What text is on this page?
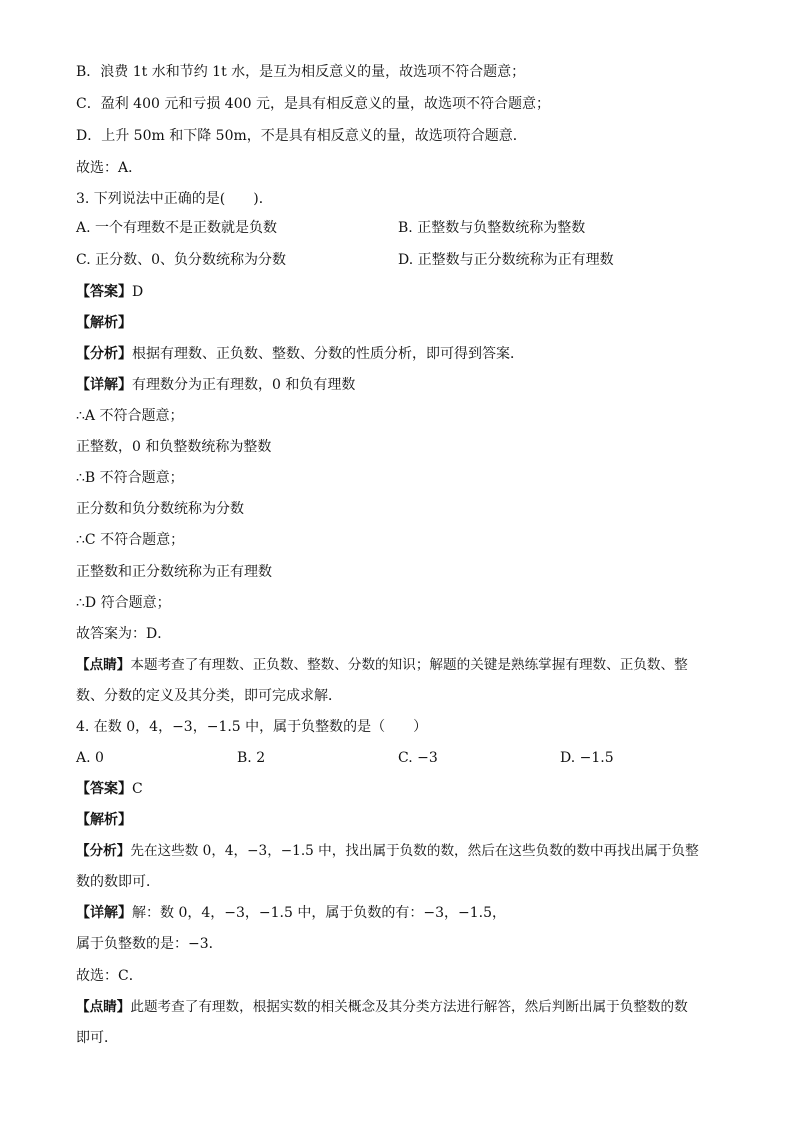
B．浪费 1t 水和节约 1t 水，是互为相反意义的量，故选项不符合题意；

C．盈利 400 元和亏损 400 元，是具有相反意义的量，故选项不符合题意；

D．上升 50m 和下降 50m，不是具有相反意义的量，故选项符合题意．

故选：A．

3. 下列说法中正确的是(　　)．

A. 一个有理数不是正数就是负数	B. 正整数与负整数统称为整数

C. 正分数、0、负分数统称为分数	D. 正整数与正分数统称为正有理数

【答案】D

【解析】

【分析】根据有理数、正负数、整数、分数的性质分析，即可得到答案．

【详解】有理数分为正有理数，0 和负有理数

∴A 不符合题意；

正整数，0 和负整数统称为整数

∴B 不符合题意；

正分数和负分数统称为分数

∴C 不符合题意；

正整数和正分数统称为正有理数

∴D 符合题意；

故答案为：D．

【点睛】本题考查了有理数、正负数、整数、分数的知识；解题的关键是熟练掌握有理数、正负数、整

数、分数的定义及其分类，即可完成求解．

4. 在数 0，4，−3，−1.5 中，属于负整数的是（　　）

A. 0	B. 2	C. −3	D. −1.5

【答案】C

【解析】

【分析】先在这些数 0，4，−3，−1.5 中，找出属于负数的数，然后在这些负数的数中再找出属于负整

数的数即可．

【详解】解：数 0，4，−3，−1.5 中，属于负数的有：−3，−1.5，

属于负整数的是：−3．

故选：C．

【点睛】此题考查了有理数，根据实数的相关概念及其分类方法进行解答，然后判断出属于负整数的数

即可．
